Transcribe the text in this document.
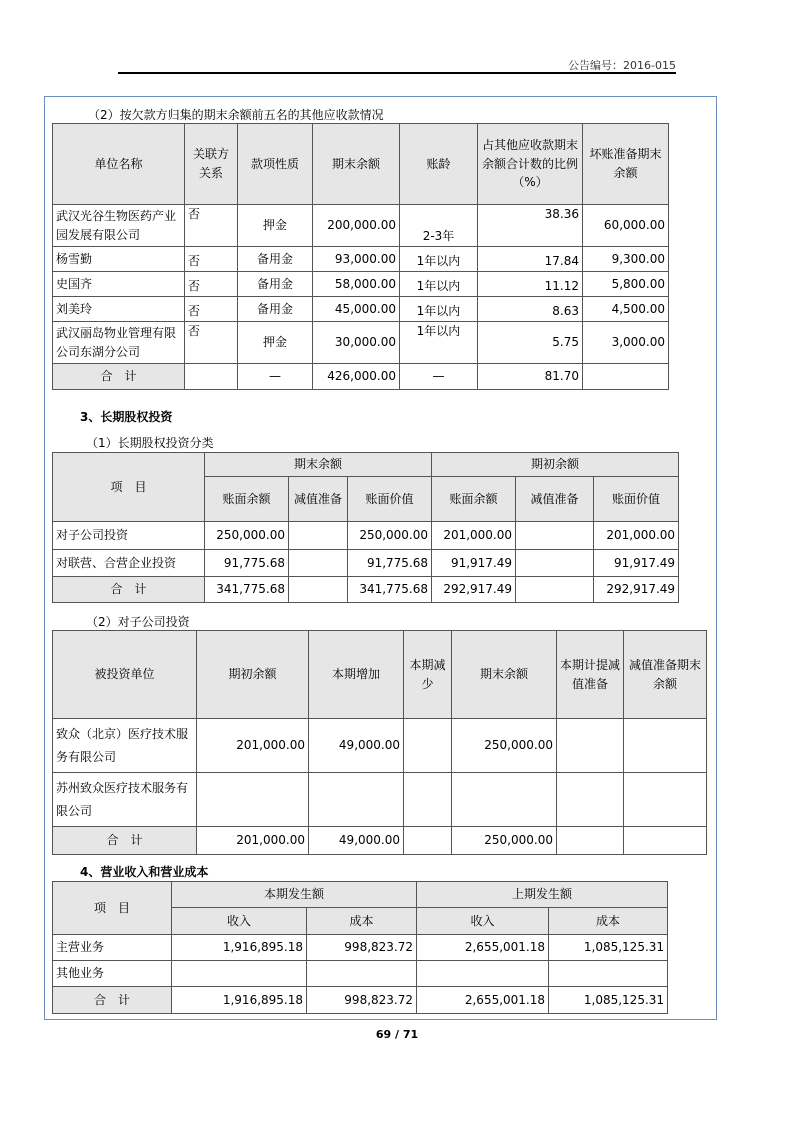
公告编号：2016-015
（2）按欠款方归集的期末余额前五名的其他应收款情况
单位名称	关联方关系	款项性质	期末余额	账龄	占其他应收款期末余额合计数的比例（%）	坏账准备期末余额
武汉光谷生物医药产业园发展有限公司	否	押金	200,000.00	2-3年	38.36	60,000.00
杨雪勤	否	备用金	93,000.00	1年以内	17.84	9,300.00
史国齐	否	备用金	58,000.00	1年以内	11.12	5,800.00
刘美玲	否	备用金	45,000.00	1年以内	8.63	4,500.00
武汉丽岛物业管理有限公司东湖分公司	否	押金	30,000.00	1年以内	5.75	3,000.00
合　计		—	426,000.00	—	81.70	
3、长期股权投资
（1）长期股权投资分类
项　目	期末余额			期初余额		
	账面余额	减值准备	账面价值	账面余额	减值准备	账面价值
对子公司投资	250,000.00		250,000.00	201,000.00		201,000.00
对联营、合营企业投资	91,775.68		91,775.68	91,917.49		91,917.49
合　计	341,775.68		341,775.68	292,917.49		292,917.49
（2）对子公司投资
被投资单位	期初余额	本期增加	本期减少	期末余额	本期计提减值准备	减值准备期末余额
致众（北京）医疗技术服务有限公司	201,000.00	49,000.00		250,000.00		
苏州致众医疗技术服务有限公司						
合　计	201,000.00	49,000.00		250,000.00		
4、营业收入和营业成本
项　目	本期发生额		上期发生额	
	收入	成本	收入	成本
主营业务	1,916,895.18	998,823.72	2,655,001.18	1,085,125.31
其他业务				
合　计	1,916,895.18	998,823.72	2,655,001.18	1,085,125.31
69 / 71
